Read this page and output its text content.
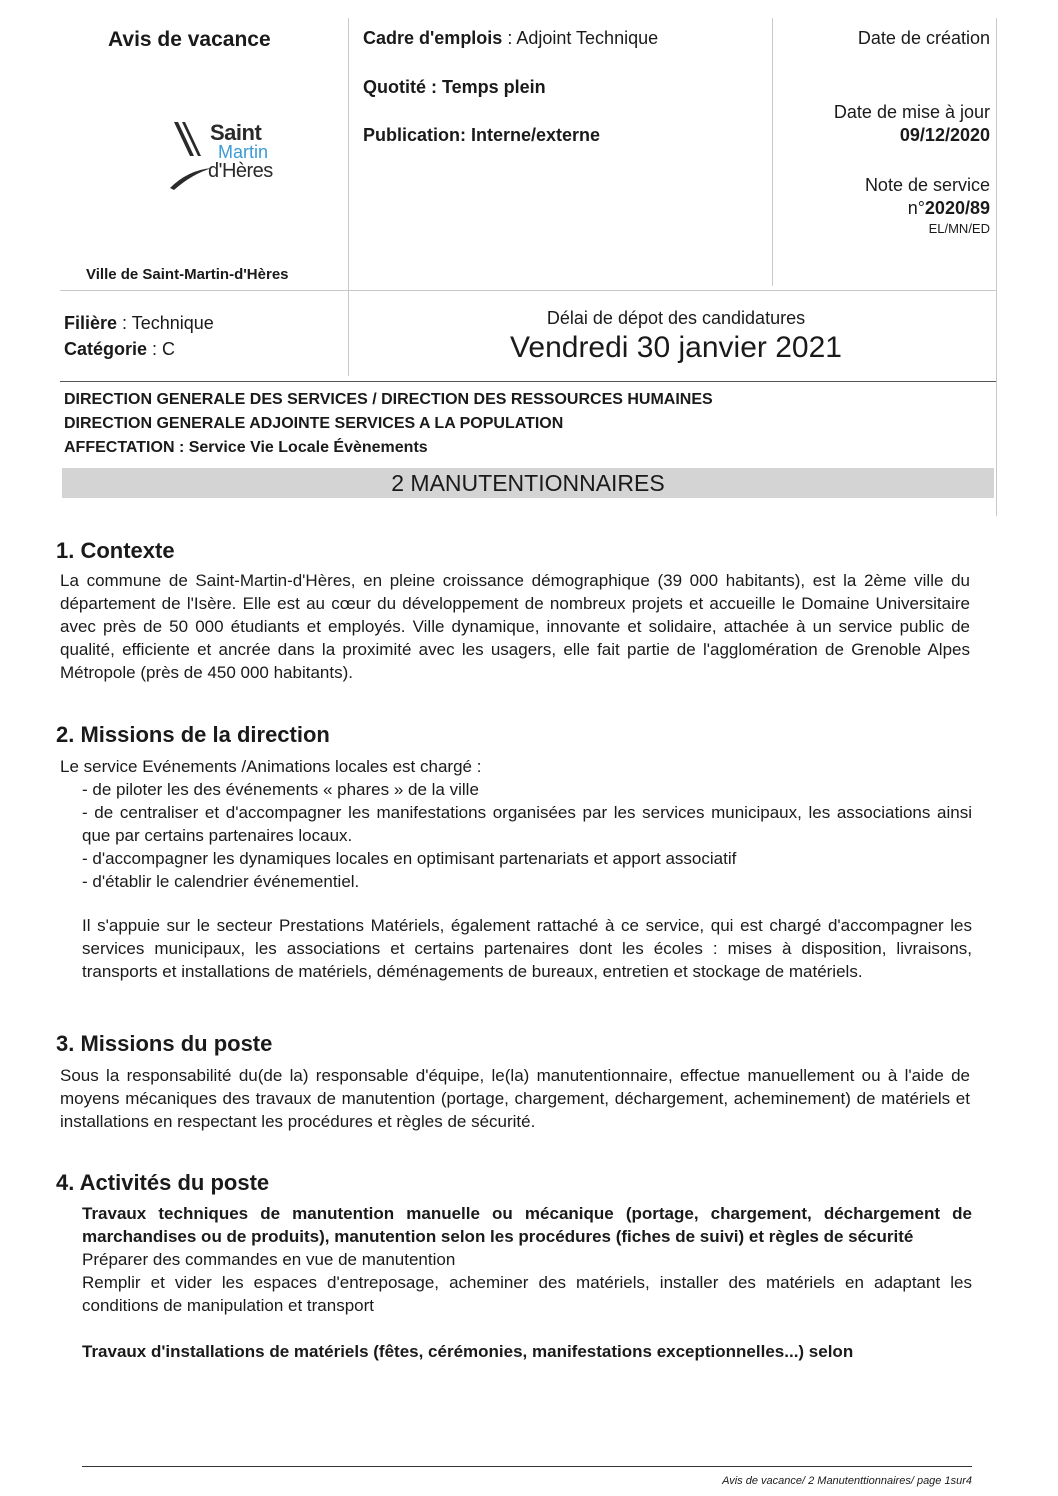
Avis de vacance
Saint
Martin
d'Hères
Ville de Saint-Martin-d'Hères
Cadre d'emplois : Adjoint Technique
Quotité : Temps plein
Publication: Interne/externe
Date de création
Date de mise à jour
09/12/2020
Note de service
n°2020/89
EL/MN/ED
Filière : Technique
Catégorie : C
Délai de dépot des candidatures
Vendredi 30 janvier 2021
DIRECTION GENERALE DES SERVICES / DIRECTION DES RESSOURCES HUMAINES
DIRECTION GENERALE ADJOINTE SERVICES A LA POPULATION
AFFECTATION : Service Vie Locale Évènements
2 MANUTENTIONNAIRES
1. Contexte
La commune de Saint-Martin-d'Hères, en pleine croissance démographique (39 000 habitants), est la 2ème ville du département de l'Isère. Elle est au cœur du développement de nombreux projets et accueille le Domaine Universitaire avec près de 50 000 étudiants et employés. Ville dynamique, innovante et solidaire, attachée à un service public de qualité, efficiente et ancrée dans la proximité avec les usagers, elle fait partie de l'agglomération de Grenoble Alpes Métropole (près de 450 000 habitants).
2. Missions de la direction
Le service Evénements /Animations locales est chargé :

- de piloter les des événements « phares » de la ville

- de centraliser et d'accompagner les manifestations organisées par les services municipaux, les associations ainsi que par certains partenaires locaux.

- d'accompagner les dynamiques locales en optimisant partenariats et apport associatif

- d'établir le calendrier événementiel.

Il s'appuie sur le secteur Prestations Matériels, également rattaché à ce service, qui est chargé d'accompagner les services municipaux, les associations et certains partenaires dont les écoles : mises à disposition, livraisons, transports et installations de matériels, déménagements de bureaux, entretien et stockage de matériels.
3. Missions du poste
Sous la responsabilité du(de la) responsable d'équipe, le(la) manutentionnaire, effectue manuellement ou à l'aide de moyens mécaniques des travaux de manutention (portage, chargement, déchargement, acheminement) de matériels et installations en respectant les procédures et règles de sécurité.
4. Activités du poste

Travaux techniques de manutention manuelle ou mécanique (portage, chargement, déchargement de marchandises ou de produits), manutention selon les procédures (fiches de suivi) et règles de sécurité

Préparer des commandes en vue de manutention

Remplir et vider les espaces d'entreposage, acheminer des matériels, installer des matériels en adaptant les conditions de manipulation et transport

Travaux d'installations de matériels (fêtes, cérémonies, manifestations exceptionnelles...) selon

Avis de vacance/ 2 Manutenttionnaires/ page 1sur4
